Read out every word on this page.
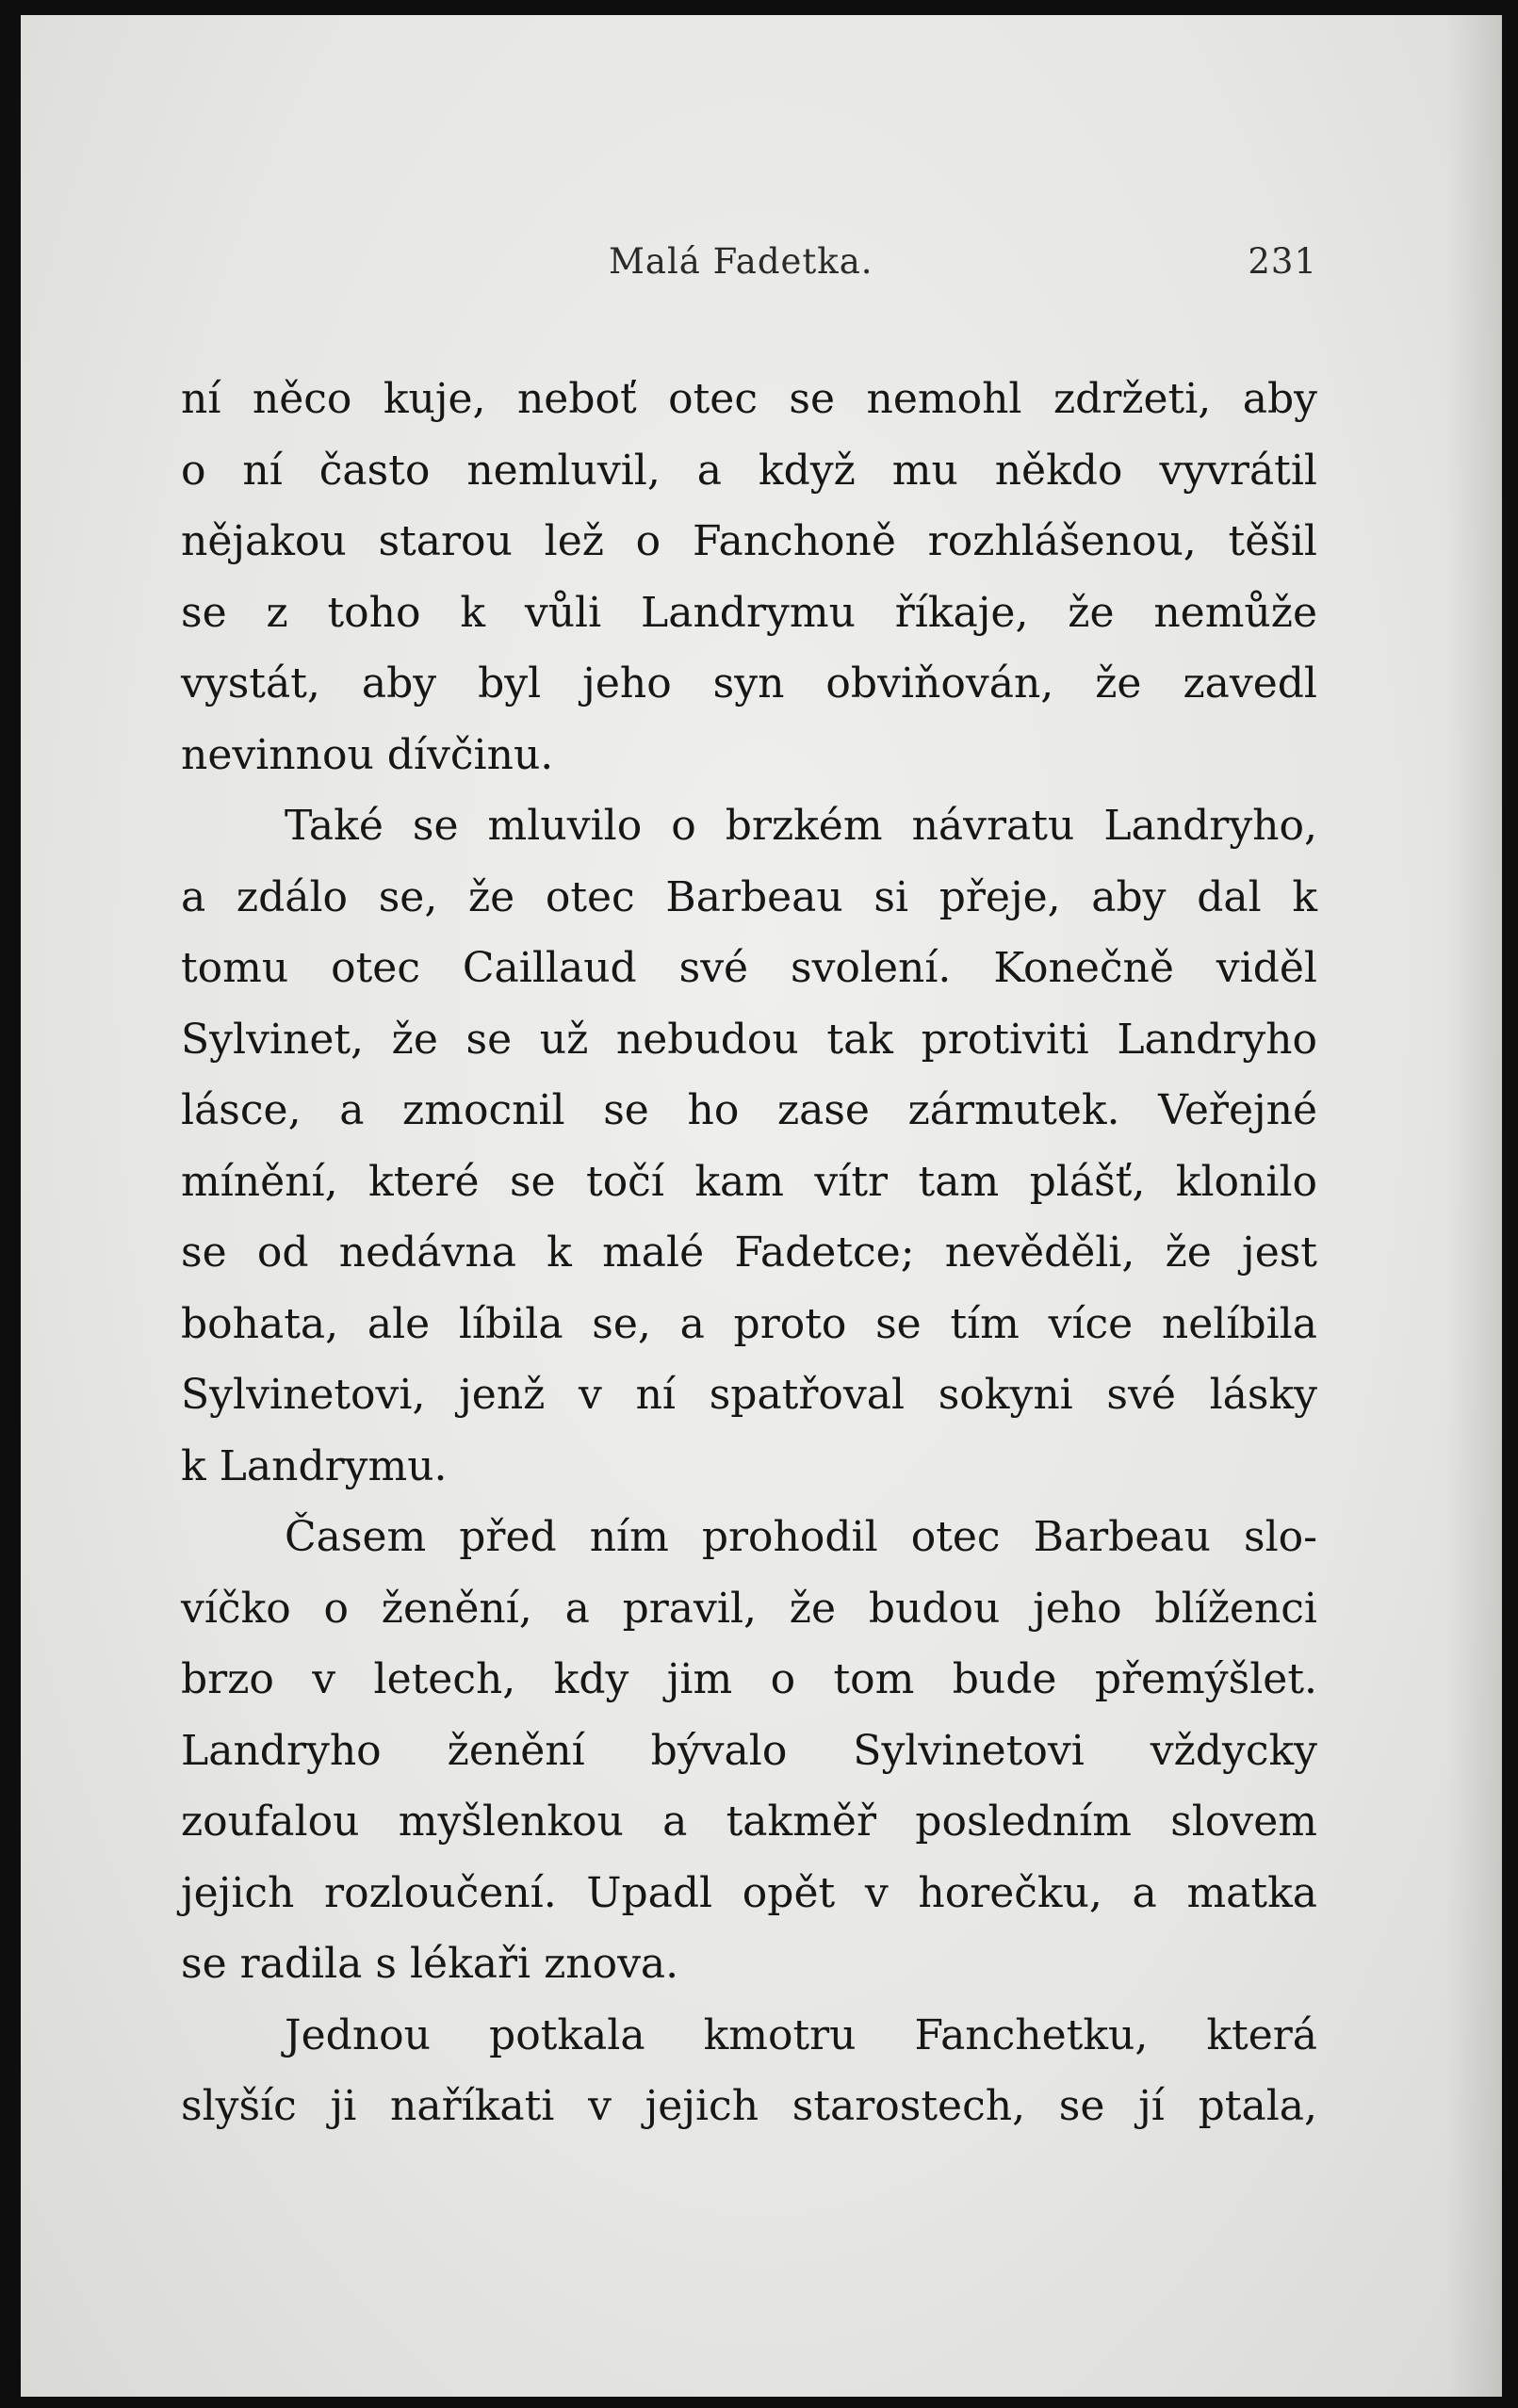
Malá Fadetka.	231
ní něco kuje, neboť otec se nemohl zdržeti, aby
o ní často nemluvil, a když mu někdo vyvrátil
nějakou starou lež o Fanchoně rozhlášenou, těšil
se z toho k vůli Landrymu říkaje, že nemůže
vystát, aby byl jeho syn obviňován, že zavedl
nevinnou dívčinu.
Také se mluvilo o brzkém návratu Landryho,
a zdálo se, že otec Barbeau si přeje, aby dal k
tomu otec Caillaud své svolení. Konečně viděl
Sylvinet, že se už nebudou tak protiviti Landryho
lásce, a zmocnil se ho zase zármutek. Veřejné
mínění, které se točí kam vítr tam plášť, klonilo
se od nedávna k malé Fadetce; nevěděli, že jest
bohata, ale líbila se, a proto se tím více nelíbila
Sylvinetovi, jenž v ní spatřoval sokyni své lásky
k Landrymu.
Časem před ním prohodil otec Barbeau slo-
víčko o ženění, a pravil, že budou jeho blíženci
brzo v letech, kdy jim o tom bude přemýšlet.
Landryho ženění bývalo Sylvinetovi vždycky
zoufalou myšlenkou a takměř posledním slovem
jejich rozloučení. Upadl opět v horečku, a matka
se radila s lékaři znova.
Jednou potkala kmotru Fanchetku, která
slyšíc ji naříkati v jejich starostech, se jí ptala,
